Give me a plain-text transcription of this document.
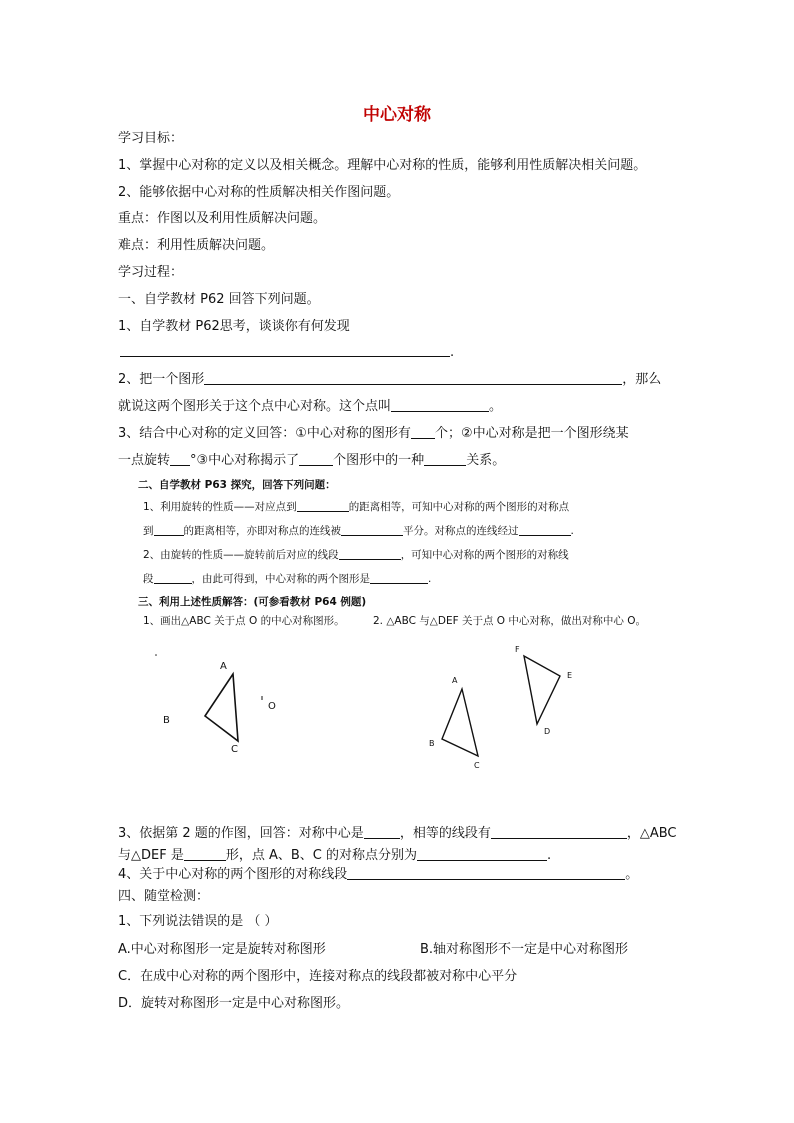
中心对称
学习目标：
1、掌握中心对称的定义以及相关概念。理解中心对称的性质，能够利用性质解决相关问题。
2、能够依据中心对称的性质解决相关作图问题。
重点：作图以及利用性质解决问题。
难点：利用性质解决问题。
学习过程：
一、自学教材 P62 回答下列问题。
1、自学教材 P62思考，谈谈你有何发现
.
2、把一个图形	，那么
就说这两个图形关于这个点中心对称。这个点叫	。
3、结合中心对称的定义回答：①中心对称的图形有 个；②中心对称是把一个图形绕某
一点旋转 °③中心对称揭示了	个图形中的一种	关系。
二、自学教材 P63 探究，回答下列问题：
1、利用旋转的性质——对应点到	的距离相等，可知中心对称的两个图形的对称点
到	的距离相等，亦即对称点的连线被	平分。对称点的连线经过	.
2、由旋转的性质——旋转前后对应的线段	，可知中心对称的两个图形的对称线
段	，由此可得到，中心对称的两个图形是	.
三、利用上述性质解答：(可参看教材 P64 例题)
1、画出△ABC 关于点 O 的中心对称图形。	2. △ABC 与△DEF 关于点 O 中心对称，做出对称中心 O。
A
B
C
O
A
B
C
D
E
F
3、依据第 2 题的作图，回答：对称中心是	，相等的线段有	，△ABC
与△DEF 是	形，点 A、B、C 的对称点分别为	.
4、关于中心对称的两个图形的对称线段	。
四、随堂检测：
1、下列说法错误的是 （ ）
A.中心对称图形一定是旋转对称图形	B.轴对称图形不一定是中心对称图形
C．在成中心对称的两个图形中，连接对称点的线段都被对称中心平分
D．旋转对称图形一定是中心对称图形。
